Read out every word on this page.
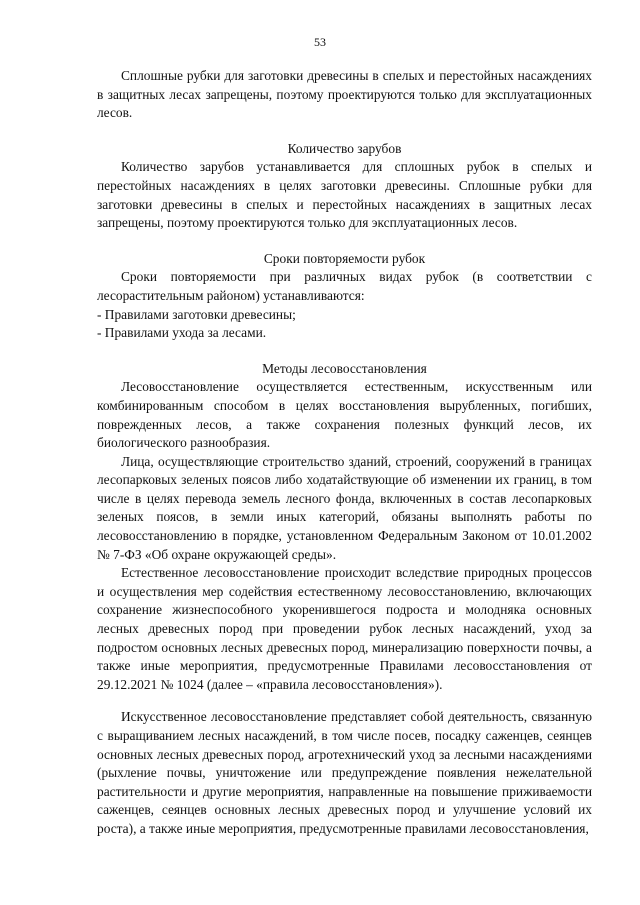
53

Сплошные рубки для заготовки древесины в спелых и перестойных насаждениях в защитных лесах запрещены, поэтому проектируются только для эксплуатационных лесов.

Количество зарубов

Количество зарубов устанавливается для сплошных рубок в спелых и перестойных насаждениях в целях заготовки древесины. Сплошные рубки для заготовки древесины в спелых и перестойных насаждениях в защитных лесах запрещены, поэтому проектируются только для эксплуатационных лесов.

Сроки повторяемости рубок

Сроки повторяемости при различных видах рубок (в соответствии с лесорастительным районом) устанавливаются:

- Правилами заготовки древесины;

- Правилами ухода за лесами.

Методы лесовосстановления

Лесовосстановление осуществляется естественным, искусственным или комбинированным способом в целях восстановления вырубленных, погибших, поврежденных лесов, а также сохранения полезных функций лесов, их биологического разнообразия.

Лица, осуществляющие строительство зданий, строений, сооружений в границах лесопарковых зеленых поясов либо ходатайствующие об изменении их границ, в том числе в целях перевода земель лесного фонда, включенных в состав лесопарковых зеленых поясов, в земли иных категорий, обязаны выполнять работы по лесовосстановлению в порядке, установленном Федеральным Законом от 10.01.2002 № 7-ФЗ «Об охране окружающей среды».

Естественное лесовосстановление происходит вследствие природных процессов и осуществления мер содействия естественному лесовосстановлению, включающих сохранение жизнеспособного укоренившегося подроста и молодняка основных лесных древесных пород при проведении рубок лесных насаждений, уход за подростом основных лесных древесных пород, минерализацию поверхности почвы, а также иные мероприятия, предусмотренные Правилами лесовосстановления от 29.12.2021 № 1024 (далее – «правила лесовосстановления»).

Искусственное лесовосстановление представляет собой деятельность, связанную с выращиванием лесных насаждений, в том числе посев, посадку саженцев, сеянцев основных лесных древесных пород, агротехнический уход за лесными насаждениями (рыхление почвы, уничтожение или предупреждение появления нежелательной растительности и другие мероприятия, направленные на повышение приживаемости саженцев, сеянцев основных лесных древесных пород и улучшение условий их роста), а также иные мероприятия, предусмотренные правилами лесовосстановления,
